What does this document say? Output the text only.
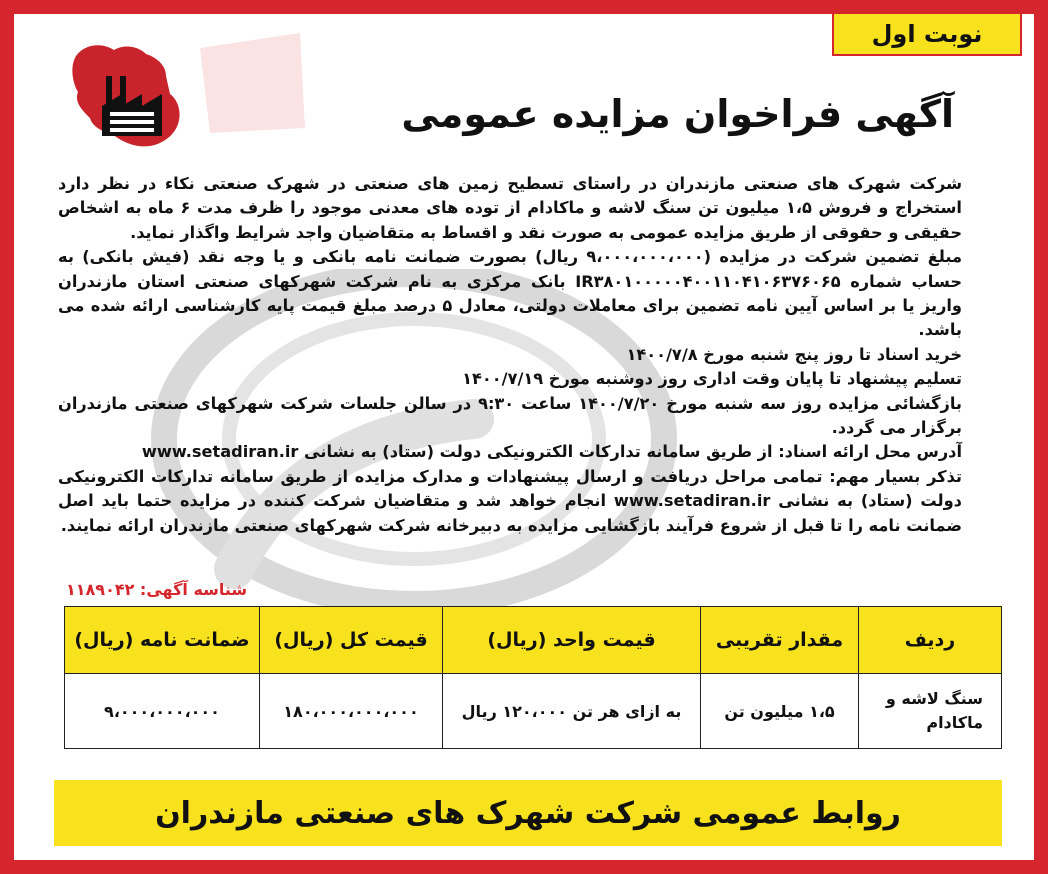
نوبت اول
آگهی فراخوان مزایده عمومی

شرکت شهرک های صنعتی مازندران در راستای تسطیح زمین های صنعتی در شهرک صنعتی نکاء در نظر دارد استخراج و فروش ۱،۵ میلیون تن سنگ لاشه و ماکادام از توده های معدنی موجود را ظرف مدت ۶ ماه به اشخاص حقیقی و حقوقی از طریق مزایده عمومی به صورت نقد و اقساط به متقاضیان واجد شرایط واگذار نماید.

مبلغ تضمین شرکت در مزایده (۹،۰۰۰،۰۰۰،۰۰۰ ریال) بصورت ضمانت نامه بانکی و یا وجه نقد (فیش بانکی) به حساب شماره IR۳۸۰۱۰۰۰۰۰۴۰۰۱۱۰۴۱۰۶۳۷۶۰۶۵ بانک مرکزی به نام شرکت شهرکهای صنعتی استان مازندران واریز یا بر اساس آیین نامه تضمین برای معاملات دولتی، معادل ۵ درصد مبلغ قیمت پایه کارشناسی ارائه شده می باشد.

خرید اسناد تا روز پنج شنبه مورخ ۱۴۰۰/۷/۸

تسلیم پیشنهاد تا پایان وقت اداری روز دوشنبه مورخ ۱۴۰۰/۷/۱۹

بازگشائی مزایده روز سه شنبه مورخ ۱۴۰۰/۷/۲۰ ساعت ۹:۳۰ در سالن جلسات شرکت شهرکهای صنعتی مازندران برگزار می گردد.

آدرس محل ارائه اسناد: از طریق سامانه تدارکات الکترونیکی دولت (ستاد) به نشانی www.setadiran.ir

تذکر بسیار مهم: تمامی مراحل دریافت و ارسال پیشنهادات و مدارک مزایده از طریق سامانه تدارکات الکترونیکی دولت (ستاد) به نشانی www.setadiran.ir انجام خواهد شد و متقاضیان شرکت کننده در مزایده حتما باید اصل ضمانت نامه را تا قبل از شروع فرآیند بازگشایی مزایده به دبیرخانه شرکت شهرکهای صنعتی مازندران ارائه نمایند.

شناسه آگهی: ۱۱۸۹۰۴۲
ردیف	مقدار تقریبی	قیمت واحد (ریال)	قیمت کل (ریال)	ضمانت نامه (ریال)
سنگ لاشه و ماکادام	۱،۵ میلیون تن	به ازای هر تن ۱۲۰،۰۰۰ ریال	۱۸۰،۰۰۰،۰۰۰،۰۰۰	۹،۰۰۰،۰۰۰،۰۰۰
روابط عمومی شرکت شهرک های صنعتی مازندران
